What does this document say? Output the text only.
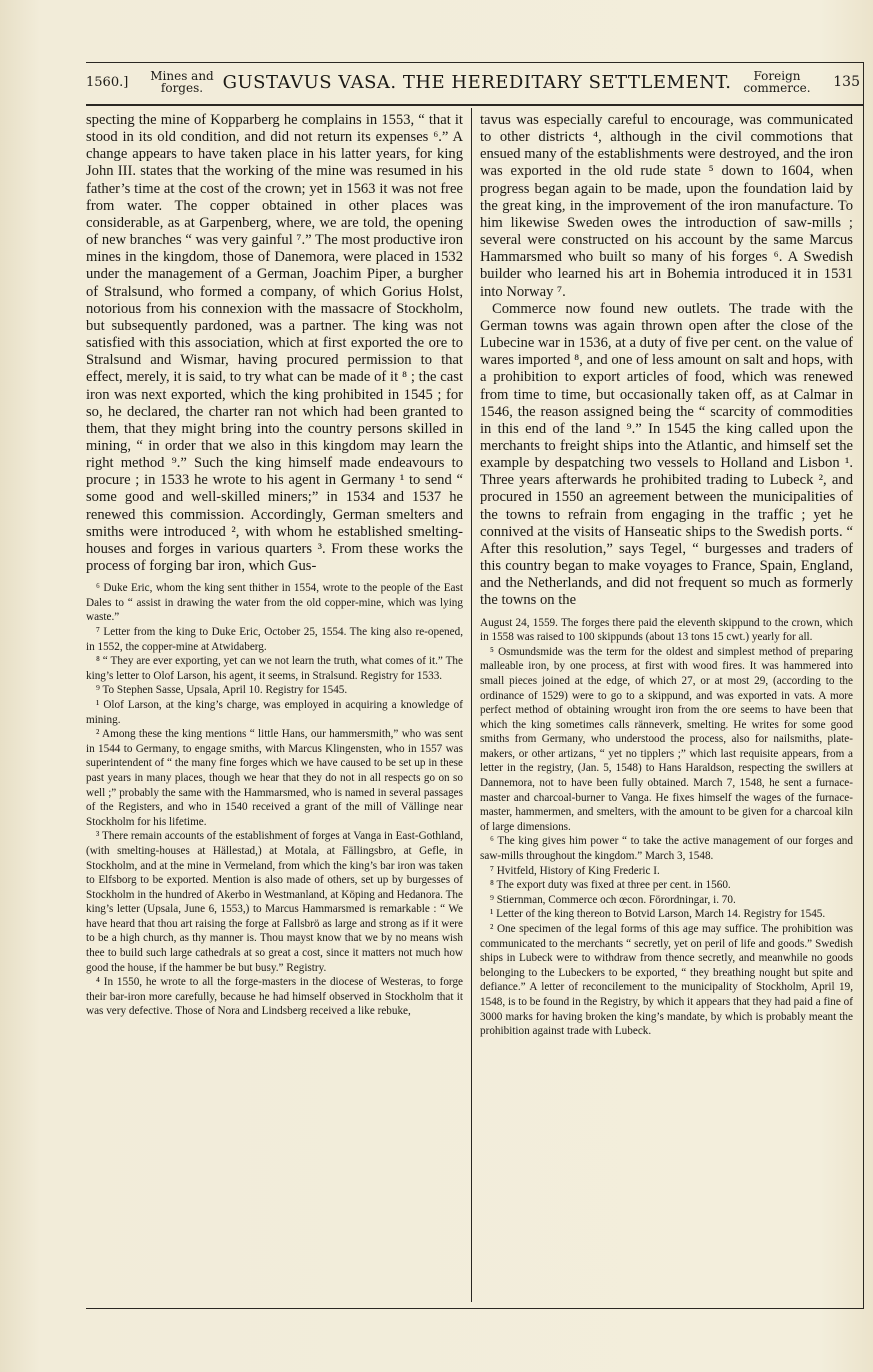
1560.]	Mines and
forges.	GUSTAVUS VASA. THE HEREDITARY SETTLEMENT.	Foreign
commerce.	135

specting the mine of Kopparberg he complains in 1553, “ that it stood in its old condition, and did not return its expenses ⁶.” A change appears to have taken place in his latter years, for king John III. states that the working of the mine was resumed in his father’s time at the cost of the crown; yet in 1563 it was not free from water. The copper obtained in other places was considerable, as at Garpenberg, where, we are told, the opening of new branches “ was very gainful ⁷.” The most productive iron mines in the kingdom, those of Danemora, were placed in 1532 under the management of a German, Joachim Piper, a burgher of Stralsund, who formed a company, of which Gorius Holst, notorious from his connexion with the massacre of Stockholm, but subsequently pardoned, was a partner. The king was not satisfied with this association, which at first exported the ore to Stralsund and Wismar, having procured permission to that effect, merely, it is said, to try what can be made of it ⁸ ; the cast iron was next exported, which the king prohibited in 1545 ; for so, he declared, the charter ran not which had been granted to them, that they might bring into the country persons skilled in mining, “ in order that we also in this kingdom may learn the right method ⁹.” Such the king himself made endeavours to procure ; in 1533 he wrote to his agent in Germany ¹ to send “ some good and well-skilled miners;” in 1534 and 1537 he renewed this commission. Accordingly, German smelters and smiths were introduced ², with whom he established smelting-houses and forges in various quarters ³. From these works the process of forging bar iron, which Gus-

⁶ Duke Eric, whom the king sent thither in 1554, wrote to the people of the East Dales to “ assist in drawing the water from the old copper-mine, which was lying waste.”

⁷ Letter from the king to Duke Eric, October 25, 1554. The king also re-opened, in 1552, the copper-mine at Atwidaberg.

⁸ “ They are ever exporting, yet can we not learn the truth, what comes of it.” The king’s letter to Olof Larson, his agent, it seems, in Stralsund. Registry for 1533.

⁹ To Stephen Sasse, Upsala, April 10. Registry for 1545.

¹ Olof Larson, at the king’s charge, was employed in acquiring a knowledge of mining.

² Among these the king mentions “ little Hans, our hammersmith,” who was sent in 1544 to Germany, to engage smiths, with Marcus Klingensten, who in 1557 was superintendent of “ the many fine forges which we have caused to be set up in these past years in many places, though we hear that they do not in all respects go on so well ;” probably the same with the Hammarsmed, who is named in several passages of the Registers, and who in 1540 received a grant of the mill of Vällinge near Stockholm for his lifetime.

³ There remain accounts of the establishment of forges at Vanga in East-Gothland, (with smelting-houses at Hällestad,) at Motala, at Fällingsbro, at Gefle, in Stockholm, and at the mine in Vermeland, from which the king’s bar iron was taken to Elfsborg to be exported. Mention is also made of others, set up by burgesses of Stockholm in the hundred of Akerbo in Westmanland, at Köping and Hedanora. The king’s letter (Upsala, June 6, 1553,) to Marcus Hammarsmed is remarkable : “ We have heard that thou art raising the forge at Fallsbrö as large and strong as if it were to be a high church, as thy manner is. Thou mayst know that we by no means wish thee to build such large cathedrals at so great a cost, since it matters not much how good the house, if the hammer be but busy.” Registry.

⁴ In 1550, he wrote to all the forge-masters in the diocese of Westeras, to forge their bar-iron more carefully, because he had himself observed in Stockholm that it was very defective. Those of Nora and Lindsberg received a like rebuke,

tavus was especially careful to encourage, was communicated to other districts ⁴, although in the civil commotions that ensued many of the establishments were destroyed, and the iron was exported in the old rude state ⁵ down to 1604, when progress began again to be made, upon the foundation laid by the great king, in the improvement of the iron manufacture. To him likewise Sweden owes the introduction of saw-mills ; several were constructed on his account by the same Marcus Hammarsmed who built so many of his forges ⁶. A Swedish builder who learned his art in Bohemia introduced it in 1531 into Norway ⁷.

Commerce now found new outlets. The trade with the German towns was again thrown open after the close of the Lubecine war in 1536, at a duty of five per cent. on the value of wares imported ⁸, and one of less amount on salt and hops, with a prohibition to export articles of food, which was renewed from time to time, but occasionally taken off, as at Calmar in 1546, the reason assigned being the “ scarcity of commodities in this end of the land ⁹.” In 1545 the king called upon the merchants to freight ships into the Atlantic, and himself set the example by despatching two vessels to Holland and Lisbon ¹. Three years afterwards he prohibited trading to Lubeck ², and procured in 1550 an agreement between the municipalities of the towns to refrain from engaging in the traffic ; yet he connived at the visits of Hanseatic ships to the Swedish ports. “ After this resolution,” says Tegel, “ burgesses and traders of this country began to make voyages to France, Spain, England, and the Netherlands, and did not frequent so much as formerly the towns on the

August 24, 1559. The forges there paid the eleventh skippund to the crown, which in 1558 was raised to 100 skippunds (about 13 tons 15 cwt.) yearly for all.

⁵ Osmundsmide was the term for the oldest and simplest method of preparing malleable iron, by one process, at first with wood fires. It was hammered into small pieces joined at the edge, of which 27, or at most 29, (according to the ordinance of 1529) were to go to a skippund, and was exported in vats. A more perfect method of obtaining wrought iron from the ore seems to have been that which the king sometimes calls ränneverk, smelting. He writes for some good smiths from Germany, who understood the process, also for nailsmiths, plate-makers, or other artizans, “ yet no tipplers ;” which last requisite appears, from a letter in the registry, (Jan. 5, 1548) to Hans Haraldson, respecting the swillers at Dannemora, not to have been fully obtained. March 7, 1548, he sent a furnace-master and charcoal-burner to Vanga. He fixes himself the wages of the furnace-master, hammermen, and smelters, with the amount to be given for a charcoal kiln of large dimensions.

⁶ The king gives him power “ to take the active management of our forges and saw-mills throughout the kingdom.” March 3, 1548.

⁷ Hvitfeld, History of King Frederic I.

⁸ The export duty was fixed at three per cent. in 1560.

⁹ Stiernman, Commerce och œcon. Förordningar, i. 70.

¹ Letter of the king thereon to Botvid Larson, March 14. Registry for 1545.

² One specimen of the legal forms of this age may suffice. The prohibition was communicated to the merchants “ secretly, yet on peril of life and goods.” Swedish ships in Lubeck were to withdraw from thence secretly, and meanwhile no goods belonging to the Lubeckers to be exported, “ they breathing nought but spite and defiance.” A letter of reconcilement to the municipality of Stockholm, April 19, 1548, is to be found in the Registry, by which it appears that they had paid a fine of 3000 marks for having broken the king’s mandate, by which is probably meant the prohibition against trade with Lubeck.
